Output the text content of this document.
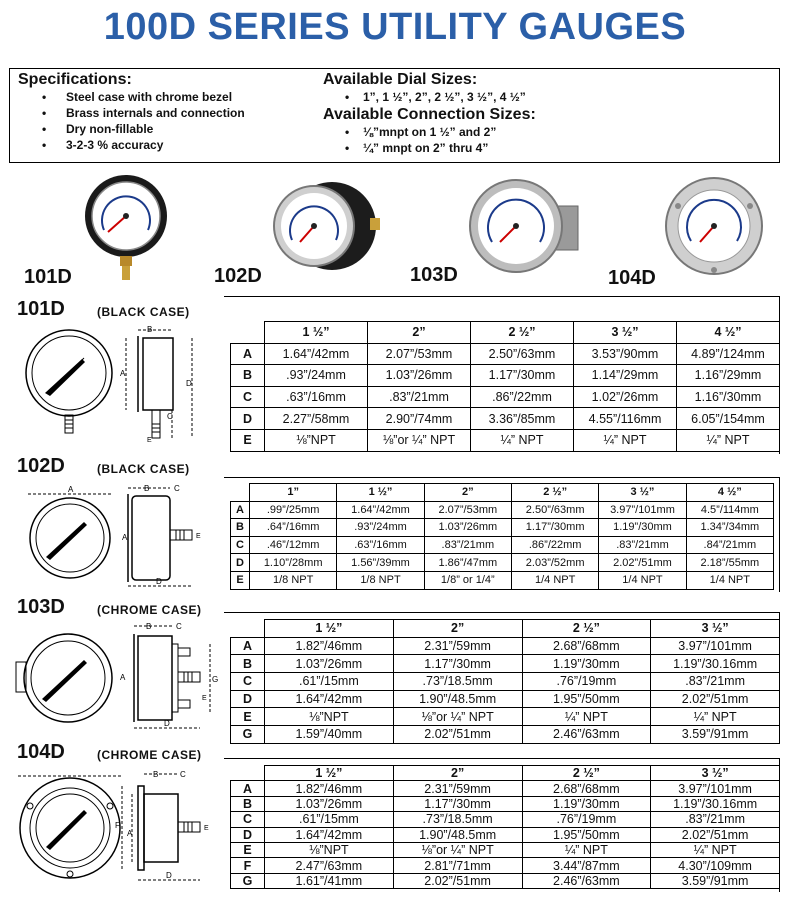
100D SERIES UTILITY GAUGES
Specifications:
• Steel case with chrome bezel
• Brass internals and connection
• Dry non-fillable
• 3-2-3 % accuracy
Available Dial Sizes:
• 1”, 1 ½”, 2”, 2 ½”, 3 ½”, 4 ½”
Available Connection Sizes:
• ⅛”mnpt on 1 ½” and 2”
• ¼” mnpt on 2” thru 4”
101D	102D	103D	104D
101D	(BLACK CASE)
A
B
C
D
E
	1 ½”	2”	2 ½”	3 ½”	4 ½”
A	1.64”/42mm	2.07”/53mm	2.50”/63mm	3.53”/90mm	4.89”/124mm
B	.93”/24mm	1.03”/26mm	1.17”/30mm	1.14”/29mm	1.16”/29mm
C	.63”/16mm	.83”/21mm	.86”/22mm	1.02”/26mm	1.16”/30mm
D	2.27”/58mm	2.90”/74mm	3.36”/85mm	4.55”/116mm	6.05”/154mm
E	⅛”NPT	⅛”or ¼” NPT	¼” NPT	¼” NPT	¼” NPT
102D	(BLACK CASE)
A
A
B	C
D
E
	1”	1 ½”	2”	2 ½”	3 ½”	4 ½”
A	.99”/25mm	1.64”/42mm	2.07”/53mm	2.50”/63mm	3.97”/101mm	4.5”/114mm
B	.64”/16mm	.93”/24mm	1.03”/26mm	1.17”/30mm	1.19”/30mm	1.34”/34mm
C	.46”/12mm	.63”/16mm	.83”/21mm	.86”/22mm	.83”/21mm	.84”/21mm
D	1.10”/28mm	1.56”/39mm	1.86”/47mm	2.03”/52mm	2.02”/51mm	2.18”/55mm
E	1/8 NPT	1/8 NPT	1/8” or 1/4”	1/4 NPT	1/4 NPT	1/4 NPT
103D	(CHROME CASE)
A
B	C
D
E
G
	1 ½”	2”	2 ½”	3 ½”
A	1.82”/46mm	2.31”/59mm	2.68”/68mm	3.97”/101mm
B	1.03”/26mm	1.17”/30mm	1.19”/30mm	1.19”/30.16mm
C	.61”/15mm	.73”/18.5mm	.76”/19mm	.83”/21mm
D	1.64”/42mm	1.90”/48.5mm	1.95”/50mm	2.02”/51mm
E	⅛”NPT	⅛”or ¼” NPT	¼” NPT	¼” NPT
G	1.59”/40mm	2.02”/51mm	2.46”/63mm	3.59”/91mm
104D	(CHROME CASE)
F
A
B	C
D
E
	1 ½”	2”	2 ½”	3 ½”
A	1.82”/46mm	2.31”/59mm	2.68”/68mm	3.97”/101mm
B	1.03”/26mm	1.17”/30mm	1.19”/30mm	1.19”/30.16mm
C	.61”/15mm	.73”/18.5mm	.76”/19mm	.83”/21mm
D	1.64”/42mm	1.90”/48.5mm	1.95”/50mm	2.02”/51mm
E	⅛”NPT	⅛”or ¼” NPT	¼” NPT	¼” NPT
F	2.47”/63mm	2.81”/71mm	3.44”/87mm	4.30”/109mm
G	1.61”/41mm	2.02”/51mm	2.46”/63mm	3.59”/91mm
